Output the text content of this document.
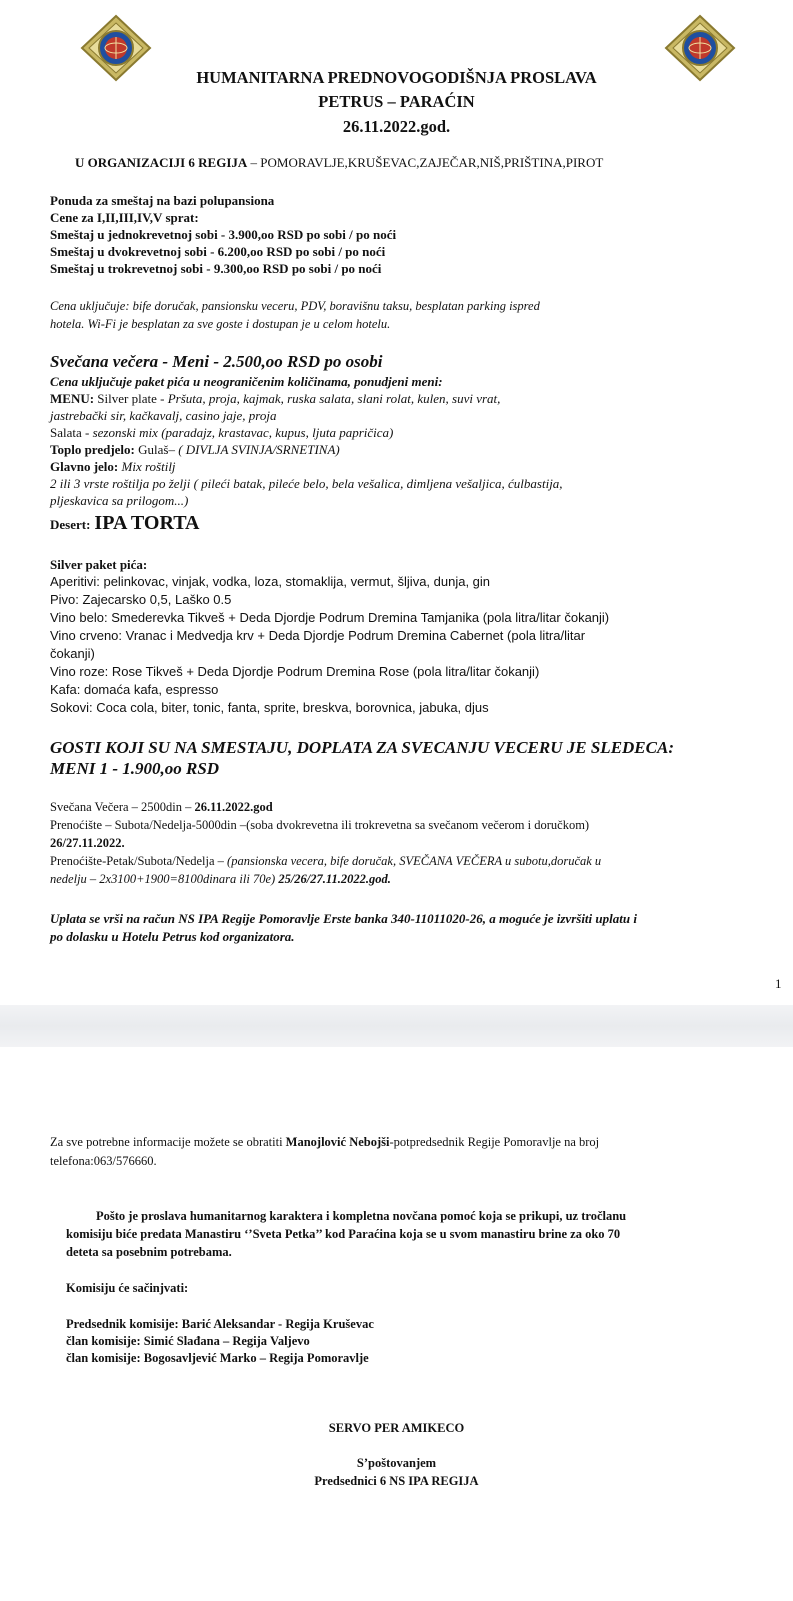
HUMANITARNA PREDNOVOGODIŠNJA PROSLAVA
PETRUS – PARAĆIN
26.11.2022.god.
U ORGANIZACIJI 6 REGIJA – POMORAVLJE,KRUŠEVAC,ZAJEČAR,NIŠ,PRIŠTINA,PIROT
Ponuda za smeštaj na bazi polupansiona
Cene za I,II,III,IV,V sprat:
Smeštaj u jednokrevetnoj sobi - 3.900,oo RSD po sobi / po noći
Smeštaj u dvokrevetnoj sobi - 6.200,oo RSD po sobi / po noći
Smeštaj u trokrevetnoj sobi - 9.300,oo RSD po sobi / po noći
Cena uključuje: bife doručak, pansionsku veceru, PDV, boravišnu taksu, besplatan parking ispred
hotela. Wi-Fi je besplatan za sve goste i dostupan je u celom hotelu.
Svečana večera - Meni - 2.500,oo RSD po osobi
Cena uključuje paket pića u neograničenim količinama, ponudjeni meni:
MENU: Silver plate - Pršuta, proja, kajmak, ruska salata, slani rolat, kulen, suvi vrat,
jastrebački sir, kačkavalj, casino jaje, proja
Salata - sezonski mix (paradajz, krastavac, kupus, ljuta papričica)
Toplo predjelo: Gulaš– ( DIVLJA SVINJA/SRNETINA)
Glavno jelo: Mix roštilj
2 ili 3 vrste roštilja po želji ( pileći batak, pileće belo, bela vešalica, dimljena vešaljica, ćulbastija,
pljeskavica sa prilogom...)
Desert: IPA TORTA
Silver paket pića:
Aperitivi: pelinkovac, vinjak, vodka, loza, stomaklija, vermut, šljiva, dunja, gin
Pivo: Zajecarsko 0,5, Laško 0.5
Vino belo: Smederevka Tikveš + Deda Djordje Podrum Dremina Tamjanika (pola litra/litar čokanji)
Vino crveno: Vranac i Medvedja krv + Deda Djordje Podrum Dremina Cabernet (pola litra/litar
čokanji)
Vino roze: Rose Tikveš + Deda Djordje Podrum Dremina Rose (pola litra/litar čokanji)
Kafa: domaća kafa, espresso
Sokovi: Coca cola, biter, tonic, fanta, sprite, breskva, borovnica, jabuka, djus
GOSTI KOJI SU NA SMESTAJU, DOPLATA ZA SVECANJU VECERU JE SLEDECA:
MENI 1 - 1.900,oo RSD
Svečana Večera – 2500din – 26.11.2022.god
Prenoćište – Subota/Nedelja-5000din –(soba dvokrevetna ili trokrevetna sa svečanom večerom i doručkom)
26/27.11.2022.
Prenoćište-Petak/Subota/Nedelja – (pansionska vecera, bife doručak, SVEČANA VEČERA u subotu,doručak u
nedelju – 2x3100+1900=8100dinara ili 70e) 25/26/27.11.2022.god.
Uplata se vrši na račun NS IPA Regije Pomoravlje Erste banka 340-11011020-26, a moguće je izvršiti uplatu i
po dolasku u Hotelu Petrus kod organizatora.
1
Za sve potrebne informacije možete se obratiti Manojlović Nebojši-potpredsednik Regije Pomoravlje na broj
telefona:063/576660.
Pošto je proslava humanitarnog karaktera i kompletna novčana pomoć koja se prikupi, uz tročlanu
komisiju biće predata Manastiru ‘’Sveta Petka’’ kod Paraćina koja se u svom manastiru brine za oko 70
deteta sa posebnim potrebama.
Komisiju će sačinjvati:
Predsednik komisije: Barić Aleksandar - Regija Kruševac
član komisije: Simić Slađana – Regija Valjevo
član komisije: Bogosavljević Marko – Regija Pomoravlje
SERVO PER AMIKECO
S’poštovanjem
Predsednici 6 NS IPA REGIJA
